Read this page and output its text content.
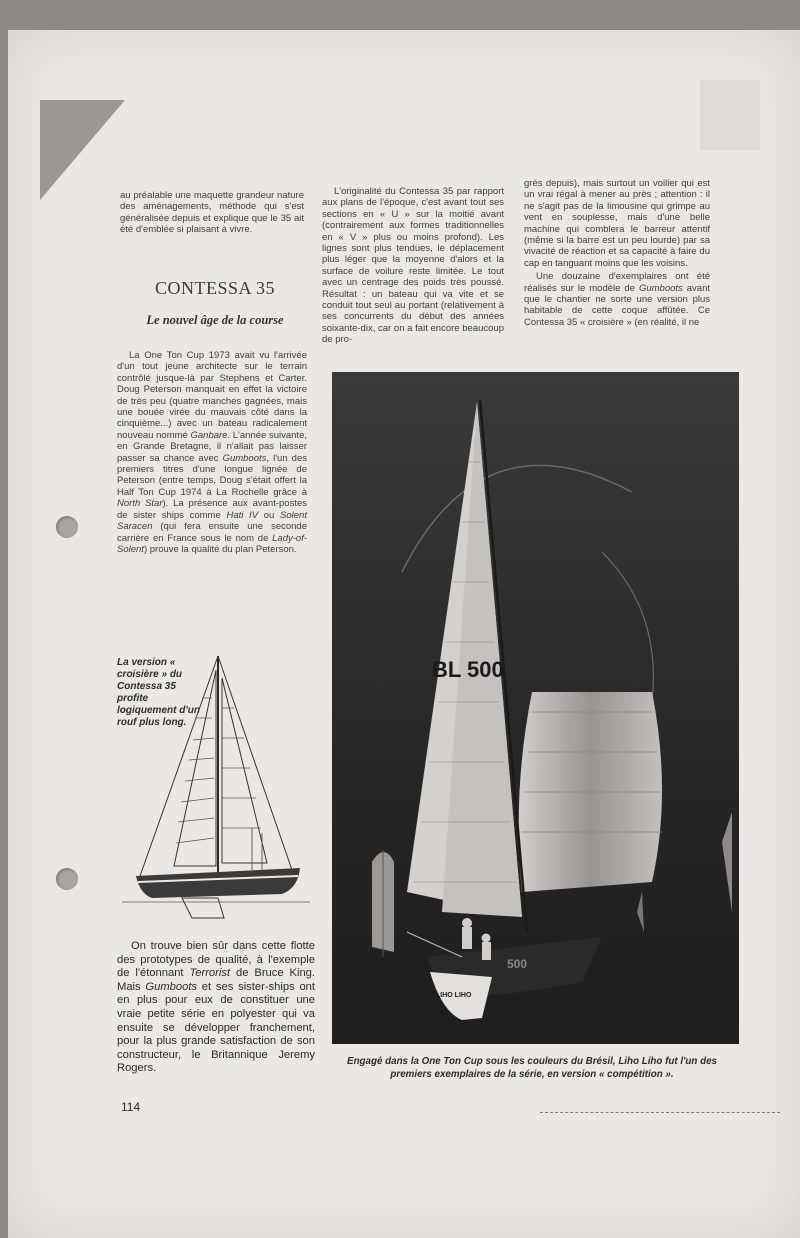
au préalable une maquette grandeur nature des aménagements, méthode qui s'est généralisée depuis et explique que le 35 ait été d'emblée si plaisant à vivre.

CONTESSA 35
Le nouvel âge de la course

La One Ton Cup 1973 avait vu l'arrivée d'un tout jeune architecte sur le terrain contrôlé jusque-là par Stephens et Carter. Doug Peterson manquait en effet la victoire de très peu (quatre manches gagnées, mais une bouée virée du mauvais côté dans la cinquième...) avec un bateau radicalement nouveau nommé Ganbare. L'année suivante, en Grande Bretagne, il n'allait pas laisser passer sa chance avec Gumboots, l'un des premiers titres d'une longue lignée de Peterson (entre temps, Doug s'était offert la Half Ton Cup 1974 à La Rochelle grâce à North Star). La présence aux avant-postes de sister ships comme Hati IV ou Solent Saracen (qui fera ensuite une seconde carrière en France sous le nom de Lady-of-Solent) prouve la qualité du plan Peterson.

L'originalité du Contessa 35 par rapport aux plans de l'époque, c'est avant tout ses sections en « U » sur la moitié avant (contrairement aux formes traditionnelles en « V » plus ou moins profond). Les lignes sont plus tendues, le déplacement plus léger que la moyenne d'alors et la surface de voilure reste limitée. Le tout avec un centrage des poids très poussé. Résultat : un bateau qui va vite et se conduit tout seul au portant (relativement à ses concurrents du début des années soixante-dix, car on a fait encore beaucoup de pro-

grès depuis), mais surtout un voilier qui est un vrai régal à mener au près ; attention : il ne s'agit pas de la limousine qui grimpe au vent en souplesse, mais d'une belle machine qui comblera le barreur attentif (même si la barre est un peu lourde) par sa vivacité de réaction et sa capacité à faire du cap en tanguant moins que les voisins.

Une douzaine d'exemplaires ont été réalisés sur le modèle de Gumboots avant que le chantier ne sorte une version plus habitable de cette coque affûtée. Ce Contessa 35 « croisière » (en réalité, il ne

La version « croisière » du Contessa 35 profite logiquement d'un rouf plus long.

On trouve bien sûr dans cette flotte des prototypes de qualité, à l'exemple de l'étonnant Terrorist de Bruce King. Mais Gumboots et ses sister-ships ont en plus pour eux de constituer une vraie petite série en polyester qui va ensuite se développer franchement, pour la plus grande satisfaction de son constructeur, le Britannique Jeremy Rogers.

BL 500
LIHO LIHO
500

Engagé dans la One Ton Cup sous les couleurs du Brésil, Liho Liho fut l'un des premiers exemplaires de la série, en version « compétition ».

114
